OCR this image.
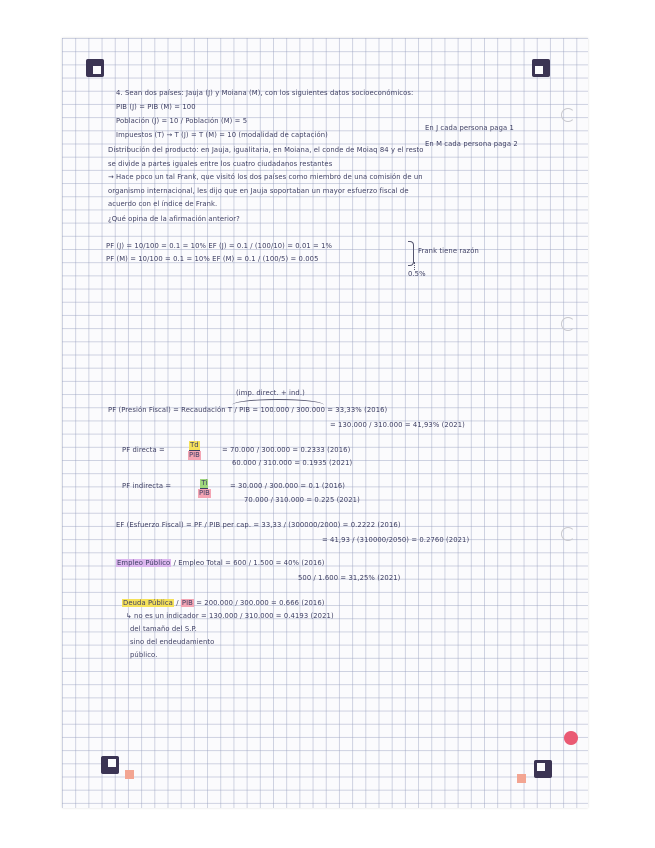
4. Sean dos países: Jauja (J) y Moiana (M), con los siguientes datos socioeconómicos:
PIB (J) = PIB (M) = 100
Población (J) = 10 / Población (M) = 5
Impuestos (T) → T (J) = T (M) = 10 (modalidad de captación)
En J cada persona paga 1
En M cada persona paga 2
Distribución del producto: en Jauja, igualitaria, en Moiana, el conde de Moiaq 84 y el resto
se divide a partes iguales entre los cuatro ciudadanos restantes
→ Hace poco un tal Frank, que visitó los dos países como miembro de una comisión de un
organismo internacional, les dijo que en Jauja soportaban un mayor esfuerzo fiscal de
acuerdo con el índice de Frank.
¿Qué opina de la afirmación anterior?
PF (J) = 10/100 = 0.1 = 10% EF (J) = 0.1 / (100/10) = 0.01 = 1%
PF (M) = 10/100 = 0.1 = 10% EF (M) = 0.1 / (100/5) = 0.005
Frank tiene razón
0.5%
(imp. direct. + ind.)
PF (Presión Fiscal) = Recaudación T / PIB = 100.000 / 300.000 = 33,33% (2016)
= 130.000 / 310.000 = 41,93% (2021)
PF directa =
Td
PIB
= 70.000 / 300.000 = 0.2333 (2016)
60.000 / 310.000 = 0.1935 (2021)
PF indirecta =	Ti
PIB
= 30.000 / 300.000 = 0.1 (2016)
70.000 / 310.000 = 0.225 (2021)
EF (Esfuerzo Fiscal) = PF / PIB per cap. = 33,33 / (300000/2000) = 0.2222 (2016)
= 41,93 / (310000/2050) = 0.2760 (2021)
Empleo Público / Empleo Total = 600 / 1.500 = 40% (2016)
500 / 1.600 = 31,25% (2021)
Deuda Pública / PIB = 200.000 / 300.000 = 0.666 (2016)
↳ no es un indicador = 130.000 / 310.000 = 0.4193 (2021)
del tamaño del S.P.
sino del endeudamiento
público.
